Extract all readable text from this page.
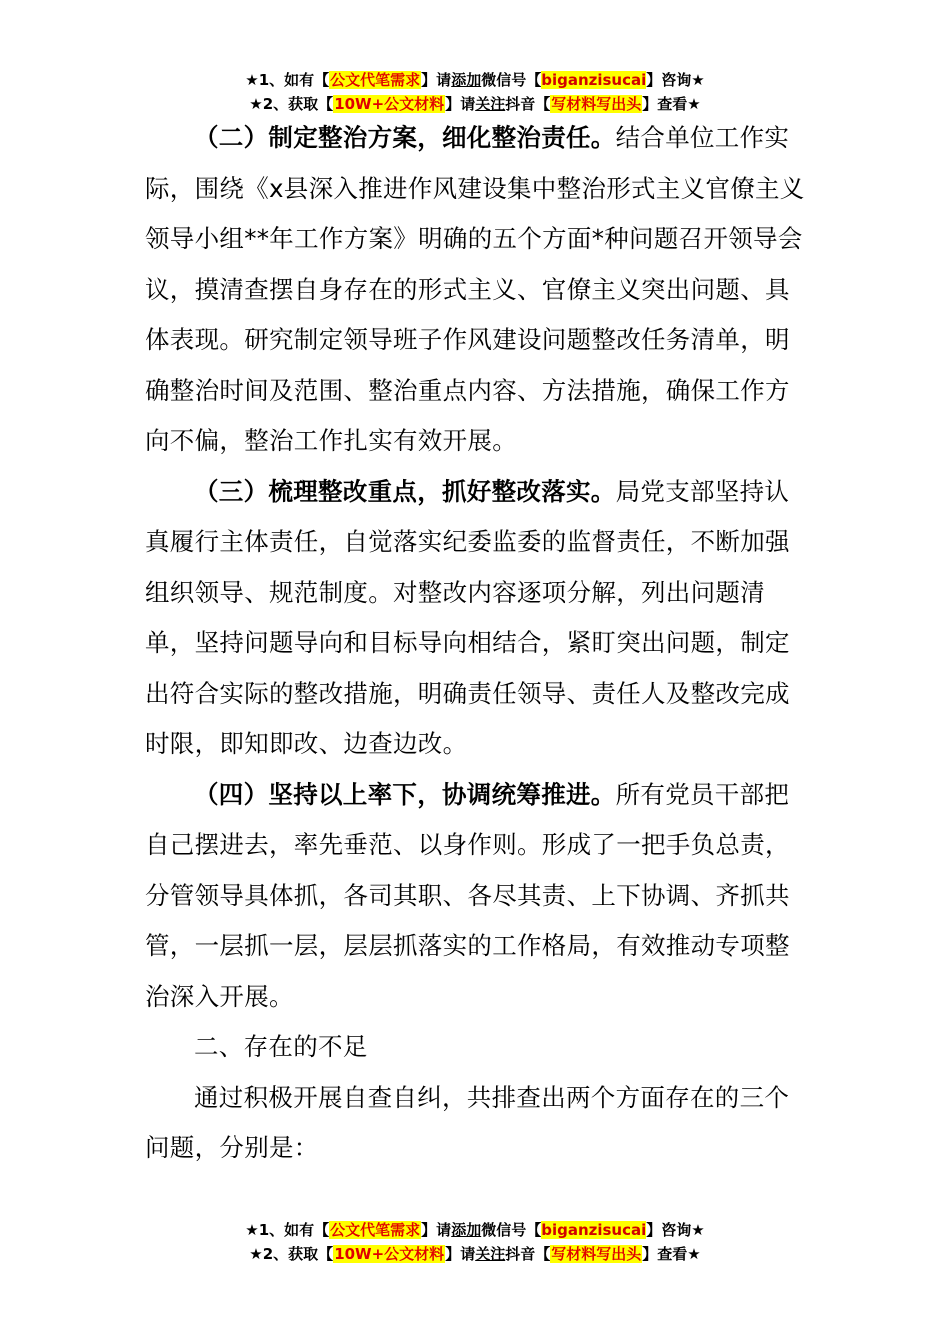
★1、如有【公文代笔需求】请添加微信号【biganzisucai】咨询★
★2、获取【10W+公文材料】请关注抖音【写材料写出头】查看★

（二）制定整治方案，细化整治责任。结合单位工作实际，围绕《x县深入推进作风建设集中整治形式主义官僚主义领导小组**年工作方案》明确的五个方面*种问题召开领导会议，摸清查摆自身存在的形式主义、官僚主义突出问题、具体表现。研究制定领导班子作风建设问题整改任务清单，明确整治时间及范围、整治重点内容、方法措施，确保工作方向不偏，整治工作扎实有效开展。

（三）梳理整改重点，抓好整改落实。局党支部坚持认真履行主体责任，自觉落实纪委监委的监督责任，不断加强组织领导、规范制度。对整改内容逐项分解，列出问题清单，坚持问题导向和目标导向相结合，紧盯突出问题，制定出符合实际的整改措施，明确责任领导、责任人及整改完成时限，即知即改、边查边改。

（四）坚持以上率下，协调统筹推进。所有党员干部把自己摆进去，率先垂范、以身作则。形成了一把手负总责，分管领导具体抓，各司其职、各尽其责、上下协调、齐抓共管，一层抓一层，层层抓落实的工作格局，有效推动专项整治深入开展。

二、存在的不足

通过积极开展自查自纠，共排查出两个方面存在的三个问题，分别是：

★1、如有【公文代笔需求】请添加微信号【biganzisucai】咨询★
★2、获取【10W+公文材料】请关注抖音【写材料写出头】查看★
